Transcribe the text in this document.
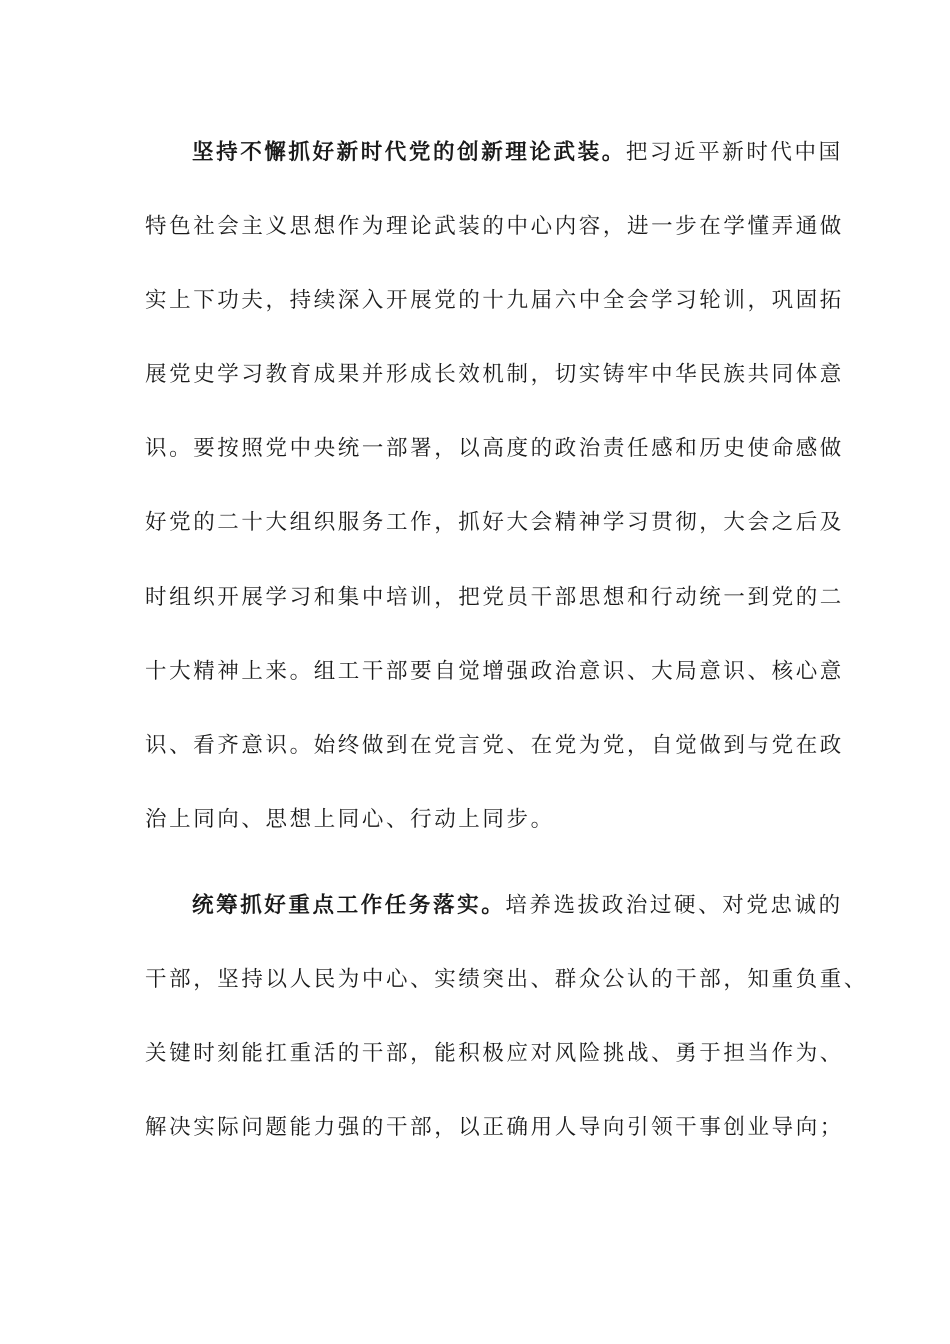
坚持不懈抓好新时代党的创新理论武装。把习近平新时代中国
特色社会主义思想作为理论武装的中心内容，进一步在学懂弄通做
实上下功夫，持续深入开展党的十九届六中全会学习轮训，巩固拓
展党史学习教育成果并形成长效机制，切实铸牢中华民族共同体意
识。要按照党中央统一部署，以高度的政治责任感和历史使命感做
好党的二十大组织服务工作，抓好大会精神学习贯彻，大会之后及
时组织开展学习和集中培训，把党员干部思想和行动统一到党的二
十大精神上来。组工干部要自觉增强政治意识、大局意识、核心意
识、看齐意识。始终做到在党言党、在党为党，自觉做到与党在政
治上同向、思想上同心、行动上同步。
统筹抓好重点工作任务落实。培养选拔政治过硬、对党忠诚的
干部，坚持以人民为中心、实绩突出、群众公认的干部，知重负重、
关键时刻能扛重活的干部，能积极应对风险挑战、勇于担当作为、
解决实际问题能力强的干部，以正确用人导向引领干事创业导向；
